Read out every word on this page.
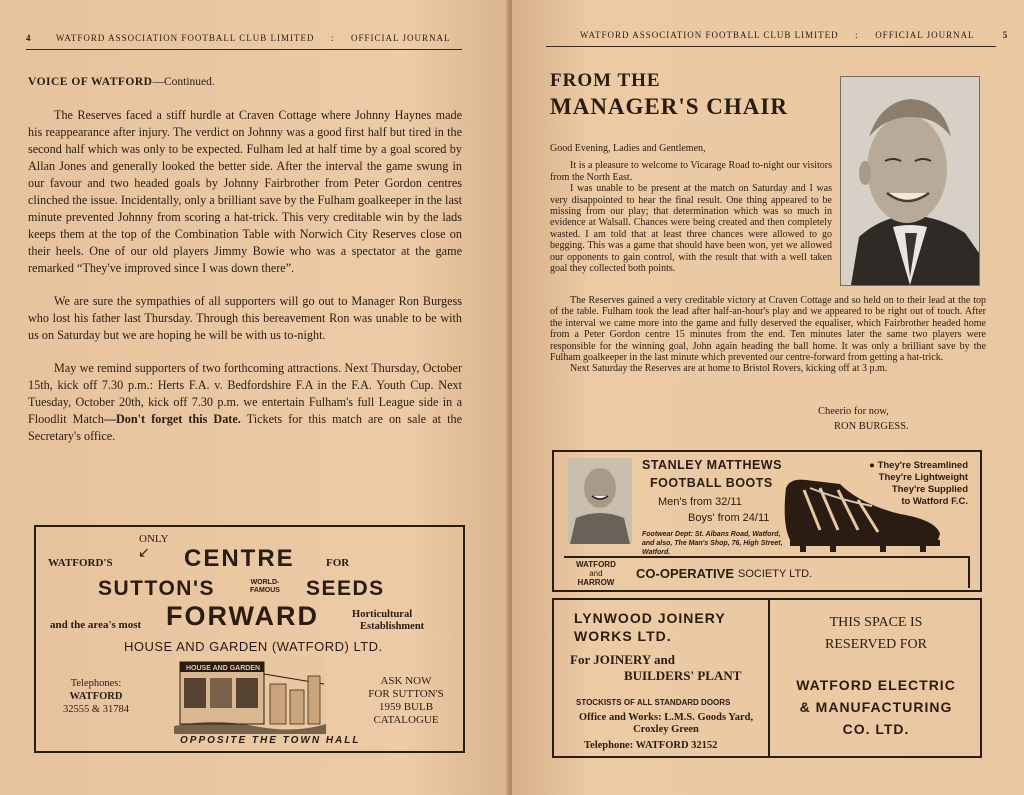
4	WATFORD ASSOCIATION FOOTBALL CLUB LIMITED : OFFICIAL JOURNAL
VOICE OF WATFORD—Continued.

The Reserves faced a stiff hurdle at Craven Cottage where Johnny Haynes made his reappearance after injury. The verdict on Johnny was a good first half but tired in the second half which was only to be expected. Fulham led at half time by a goal scored by Allan Jones and generally looked the better side. After the interval the game swung in our favour and two headed goals by Johnny Fairbrother from Peter Gordon centres clinched the issue. Incidentally, only a brilliant save by the Fulham goalkeeper in the last minute prevented Johnny from scoring a hat-trick. This very creditable win by the lads keeps them at the top of the Combination Table with Norwich City Reserves close on their heels. One of our old players Jimmy Bowie who was a spectator at the game remarked “They've improved since I was down there”.

We are sure the sympathies of all supporters will go out to Manager Ron Burgess who lost his father last Thursday. Through this bereavement Ron was unable to be with us on Saturday but we are hoping he will be with us to-night.

May we remind supporters of two forthcoming attractions. Next Thursday, October 15th, kick off 7.30 p.m.: Herts F.A. v. Bedfordshire F.A in the F.A. Youth Cup. Next Tuesday, October 20th, kick off 7.30 p.m. we entertain Fulham's full League side in a Floodlit Match—Don't forget this Date. Tickets for this match are on sale at the Secretary's office.

ONLY
↙
WATFORD'S	CENTRE	FOR
SUTTON'S	WORLD-
FAMOUS SEEDS
and the area's most FORWARD	Horticultural
Establishment
HOUSE AND GARDEN (WATFORD) LTD.
Telephones:
WATFORD
32555 & 31784
HOUSE AND GARDEN
ASK NOW
FOR SUTTON'S
1959 BULB
CATALOGUE
OPPOSITE THE TOWN HALL
WATFORD ASSOCIATION FOOTBALL CLUB LIMITED : OFFICIAL JOURNAL	5
FROM THE
MANAGER'S CHAIR
Good Evening, Ladies and Gentlemen,

It is a pleasure to welcome to Vicarage Road to-night our visitors from the North East.

I was unable to be present at the match on Saturday and I was very disappointed to hear the final result. One thing appeared to be missing from our play; that determination which was so much in evidence at Walsall. Chances were being created and then completely wasted. I am told that at least three chances were allowed to go begging. This was a game that should have been won, yet we allowed our opponents to gain control, with the result that with a well taken goal they collected both points.

The Reserves gained a very creditable victory at Craven Cottage and so held on to their lead at the top of the table. Fulham took the lead after half-an-hour's play and we appeared to be right out of touch. After the interval we came more into the game and fully deserved the equaliser, which Fairbrother headed home from a Peter Gordon centre 15 minutes from the end. Ten minutes later the same two players were responsible for the winning goal, John again heading the ball home. It was only a brilliant save by the Fulham goalkeeper in the last minute which prevented our centre-forward from getting a hat-trick.

Next Saturday the Reserves are at home to Bristol Rovers, kicking off at 3 p.m.

Cheerio for now,
RON BURGESS.
STANLEY MATTHEWS
FOOTBALL BOOTS
Men's from 32/11
Boys' from 24/11
Footwear Dept: St. Albans Road, Watford, and also, The Man's Shop, 76, High Street, Watford.
● They're Streamlined
They're Lightweight
They're Supplied
to Watford F.C.
WATFORD
and
HARROW
CO-OPERATIVE SOCIETY LTD.
LYNWOOD JOINERY
WORKS LTD.
For JOINERY and
BUILDERS' PLANT
STOCKISTS OF ALL STANDARD DOORS
Office and Works: L.M.S. Goods Yard,
Croxley Green
Telephone: WATFORD 32152
THIS SPACE IS
RESERVED FOR
WATFORD ELECTRIC
& MANUFACTURING
CO. LTD.
